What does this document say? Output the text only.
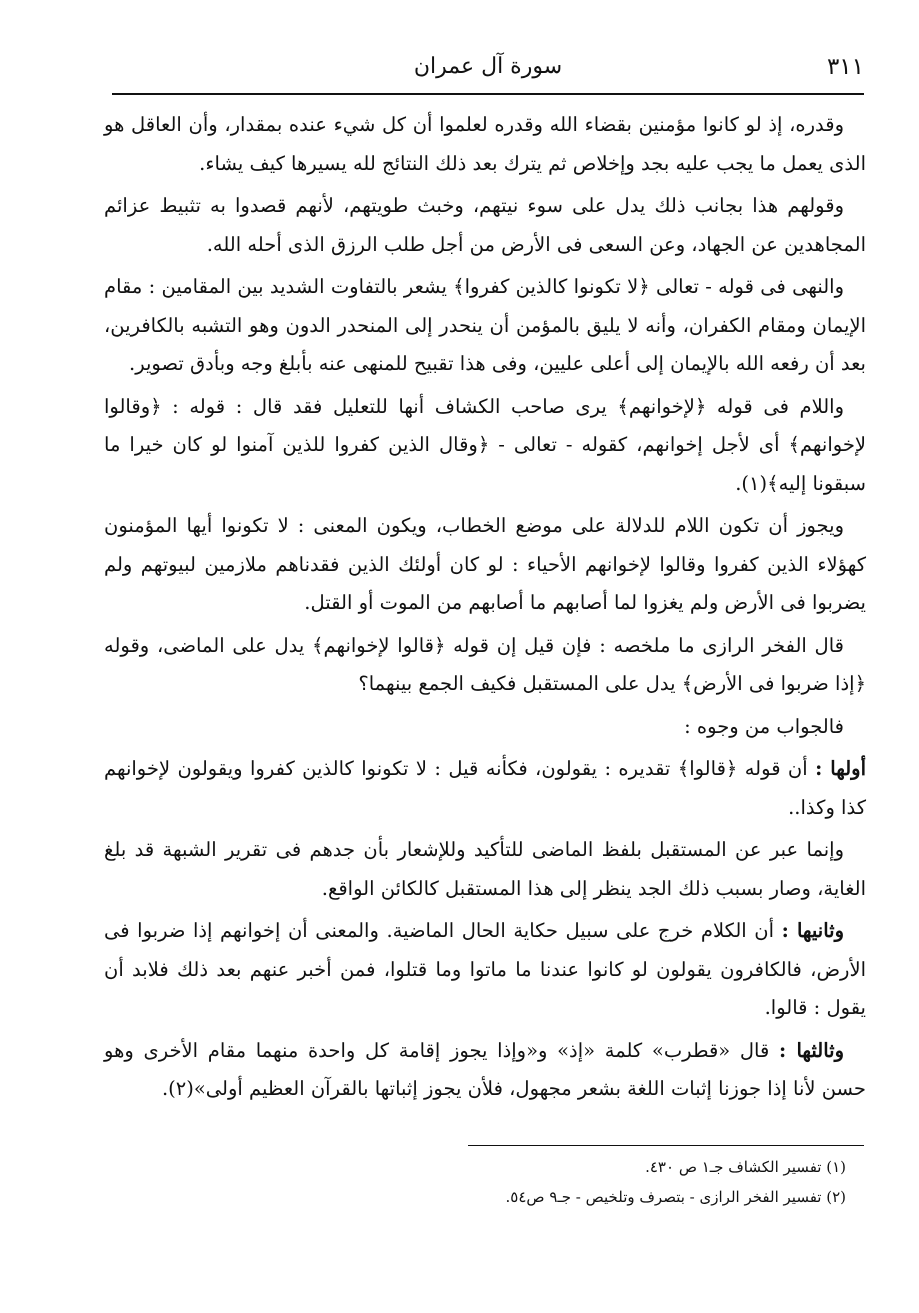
٣١١
سورة آل عمران

وقدره، إذ لو كانوا مؤمنين بقضاء الله وقدره لعلموا أن كل شيء عنده بمقدار، وأن العاقل هو الذى يعمل ما يجب عليه بجد وإخلاص ثم يترك بعد ذلك النتائج لله يسيرها كيف يشاء.

وقولهم هذا بجانب ذلك يدل على سوء نيتهم، وخبث طويتهم، لأنهم قصدوا به تثبيط عزائم المجاهدين عن الجهاد، وعن السعى فى الأرض من أجل طلب الرزق الذى أحله الله.

والنهى فى قوله - تعالى ﴿لا تكونوا كالذين كفروا﴾ يشعر بالتفاوت الشديد بين المقامين : مقام الإيمان ومقام الكفران، وأنه لا يليق بالمؤمن أن ينحدر إلى المنحدر الدون وهو التشبه بالكافرين، بعد أن رفعه الله بالإيمان إلى أعلى عليين، وفى هذا تقبيح للمنهى عنه بأبلغ وجه وبأدق تصوير.

واللام فى قوله ﴿لإخوانهم﴾ يرى صاحب الكشاف أنها للتعليل فقد قال : قوله : ﴿وقالوا لإخوانهم﴾ أى لأجل إخوانهم، كقوله - تعالى - ﴿وقال الذين كفروا للذين آمنوا لو كان خيرا ما سبقونا إليه﴾(١).

ويجوز أن تكون اللام للدلالة على موضع الخطاب، ويكون المعنى : لا تكونوا أيها المؤمنون كهؤلاء الذين كفروا وقالوا لإخوانهم الأحياء : لو كان أولئك الذين فقدناهم ملازمين لبيوتهم ولم يضربوا فى الأرض ولم يغزوا لما أصابهم ما أصابهم من الموت أو القتل.

قال الفخر الرازى ما ملخصه : فإن قيل إن قوله ﴿قالوا لإخوانهم﴾ يدل على الماضى، وقوله ﴿إذا ضربوا فى الأرض﴾ يدل على المستقبل فكيف الجمع بينهما؟

فالجواب من وجوه :

أولها : أن قوله ﴿قالوا﴾ تقديره : يقولون، فكأنه قيل : لا تكونوا كالذين كفروا ويقولون لإخوانهم كذا وكذا..

وإنما عبر عن المستقبل بلفظ الماضى للتأكيد وللإشعار بأن جدهم فى تقرير الشبهة قد بلغ الغاية، وصار بسبب ذلك الجد ينظر إلى هذا المستقبل كالكائن الواقع.

وثانيها : أن الكلام خرج على سبيل حكاية الحال الماضية. والمعنى أن إخوانهم إذا ضربوا فى الأرض، فالكافرون يقولون لو كانوا عندنا ما ماتوا وما قتلوا، فمن أخبر عنهم بعد ذلك فلابد أن يقول : قالوا.

وثالثها : قال «قطرب» كلمة «إذ» و«وإذا يجوز إقامة كل واحدة منهما مقام الأخرى وهو حسن لأنا إذا جوزنا إثبات اللغة بشعر مجهول، فلأن يجوز إثباتها بالقرآن العظيم أولى»(٢).

(١) تفسير الكشاف جـ١ ص ٤٣٠.
(٢) تفسير الفخر الرازى - بتصرف وتلخيص - جـ٩ ص٥٤.
